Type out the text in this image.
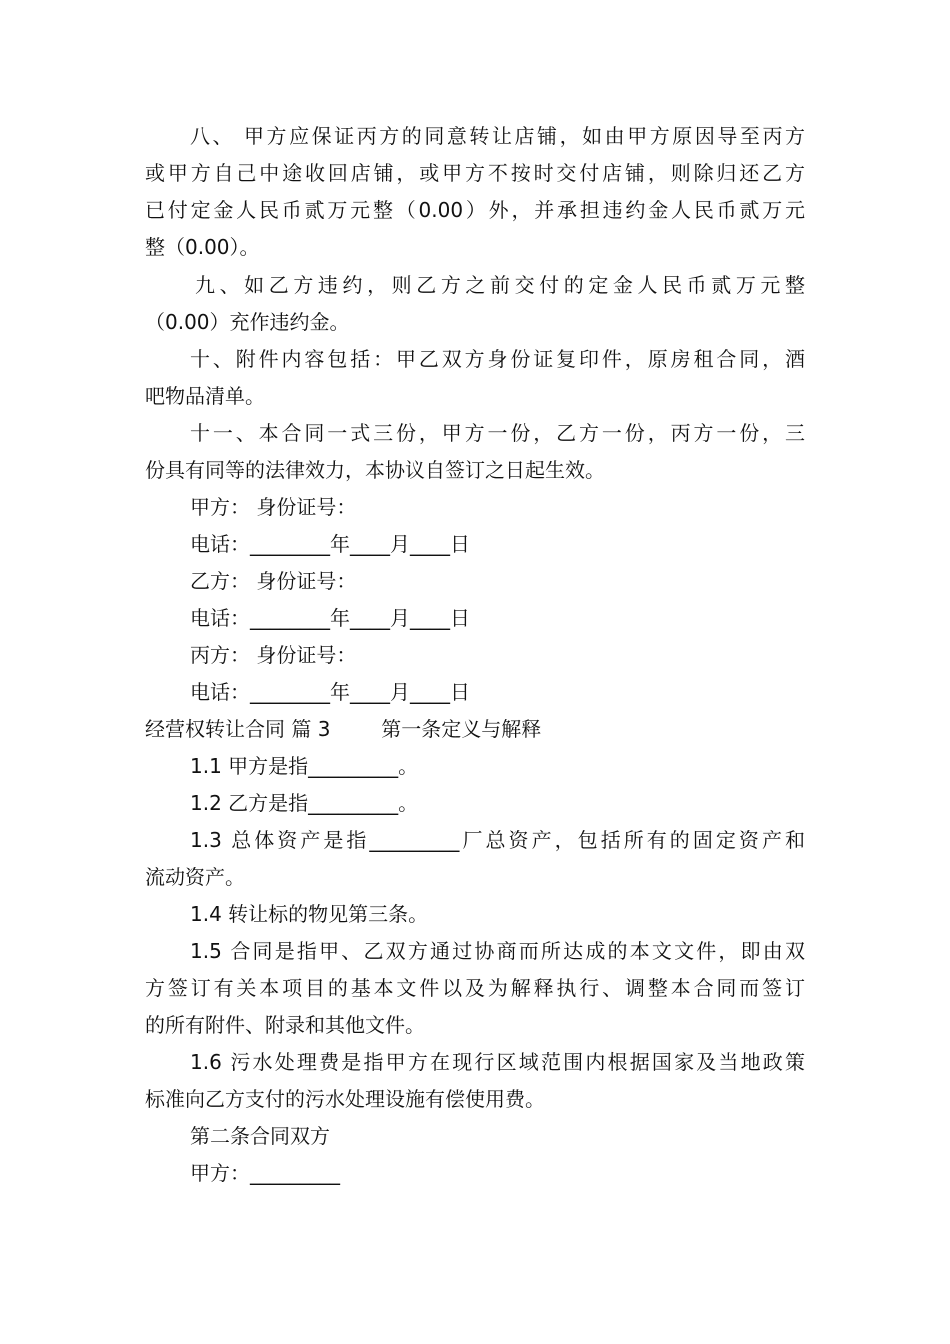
八、 甲方应保证丙方的同意转让店铺，如由甲方原因导至丙方
或甲方自己中途收回店铺，或甲方不按时交付店铺，则除归还乙方
已付定金人民币贰万元整（0.00）外，并承担违约金人民币贰万元
整（0.00）。
九、如乙方违约，则乙方之前交付的定金人民币贰万元整
（0.00）充作违约金。
十、附件内容包括：甲乙双方身份证复印件，原房租合同，酒
吧物品清单。
十一、本合同一式三份，甲方一份，乙方一份，丙方一份，三
份具有同等的法律效力，本协议自签订之日起生效。
甲方： 身份证号：
电话：________年____月____日
乙方： 身份证号：
电话：________年____月____日
丙方： 身份证号：
电话：________年____月____日
经营权转让合同 篇 3        第一条定义与解释
1.1 甲方是指_________。
1.2 乙方是指_________。
1.3 总体资产是指_________厂总资产，包括所有的固定资产和
流动资产。
1.4 转让标的物见第三条。
1.5 合同是指甲、乙双方通过协商而所达成的本文文件，即由双
方签订有关本项目的基本文件以及为解释执行、调整本合同而签订
的所有附件、附录和其他文件。
1.6 污水处理费是指甲方在现行区域范围内根据国家及当地政策
标准向乙方支付的污水处理设施有偿使用费。
第二条合同双方
甲方：_________
